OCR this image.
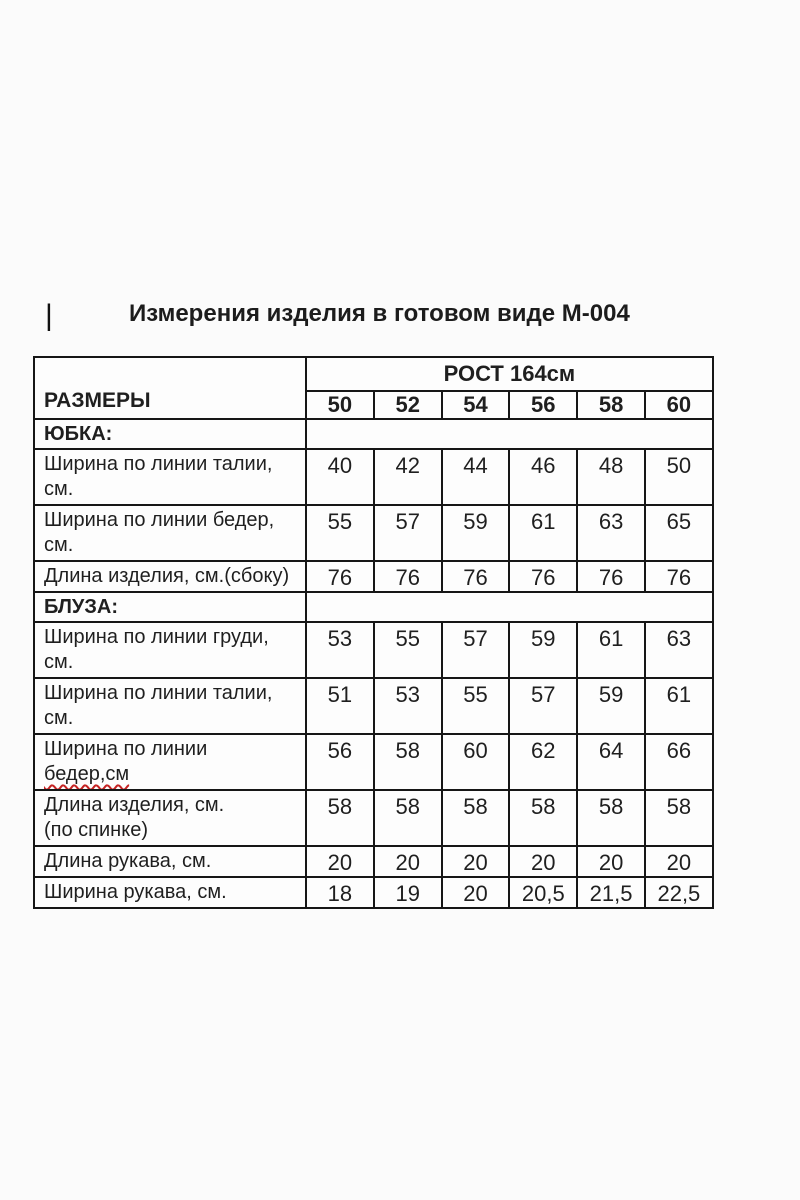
|	Измерения изделия в готовом виде М-004
РАЗМЕРЫ	РОСТ 164см					
	50	52	54	56	58	60
ЮБКА:						

Ширина по линии талии,
см.	40	42	44	46	48	50

Ширина по линии бедер,
см.	55	57	59	61	63	65

Длина изделия, см.(сбоку)	76	76	76	76	76	76
БЛУЗА:						

Ширина по линии груди,
см.	53	55	57	59	61	63

Ширина по линии талии,
см.	51	53	55	57	59	61

Ширина по линии
бедер,см	56	58	60	62	64	66

Длина изделия, см.
(по спинке)	58	58	58	58	58	58

Длина рукава, см.	20	20	20	20	20	20

Ширина рукава, см.	18	19	20	20,5	21,5	22,5
